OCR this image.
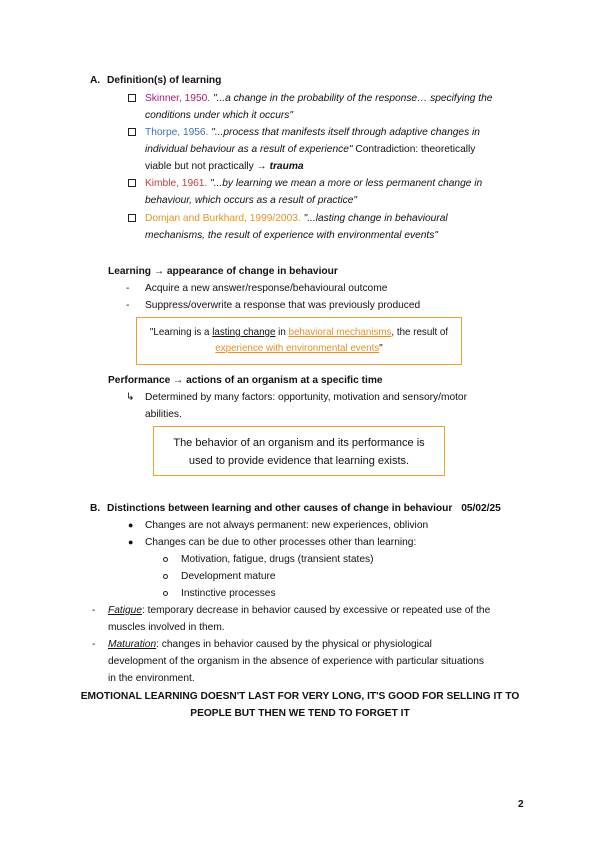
A. Definition(s) of learning
Skinner, 1950. "...a change in the probability of the response… specifying the
conditions under which it occurs"
Thorpe, 1956. "...process that manifests itself through adaptive changes in
individual behaviour as a result of experience" Contradiction: theoretically
viable but not practically → trauma
Kimble, 1961. "...by learning we mean a more or less permanent change in
behaviour, which occurs as a result of practice"
Domjan and Burkhard, 1999/2003. "...lasting change in behavioural
mechanisms, the result of experience with environmental events"
Learning → appearance of change in behaviour
-	Acquire a new answer/response/behavioural outcome
-	Suppress/overwrite a response that was previously produced
"Learning is a lasting change in behavioral mechanisms, the result of
experience with environmental events"
Performance → actions of an organism at a specific time
↳ Determined by many factors: opportunity, motivation and sensory/motor
abilities.
The behavior of an organism and its performance is
used to provide evidence that learning exists.
B. Distinctions between learning and other causes of change in behaviour 05/02/25
● Changes are not always permanent: new experiences, oblivion
● Changes can be due to other processes other than learning:
Motivation, fatigue, drugs (transient states)
Development mature
Instinctive processes
-	Fatigue: temporary decrease in behavior caused by excessive or repeated use of the
muscles involved in them.
-	Maturation: changes in behavior caused by the physical or physiological
development of the organism in the absence of experience with particular situations
in the environment.
EMOTIONAL LEARNING DOESN'T LAST FOR VERY LONG, IT'S GOOD FOR SELLING IT TO
PEOPLE BUT THEN WE TEND TO FORGET IT
2
